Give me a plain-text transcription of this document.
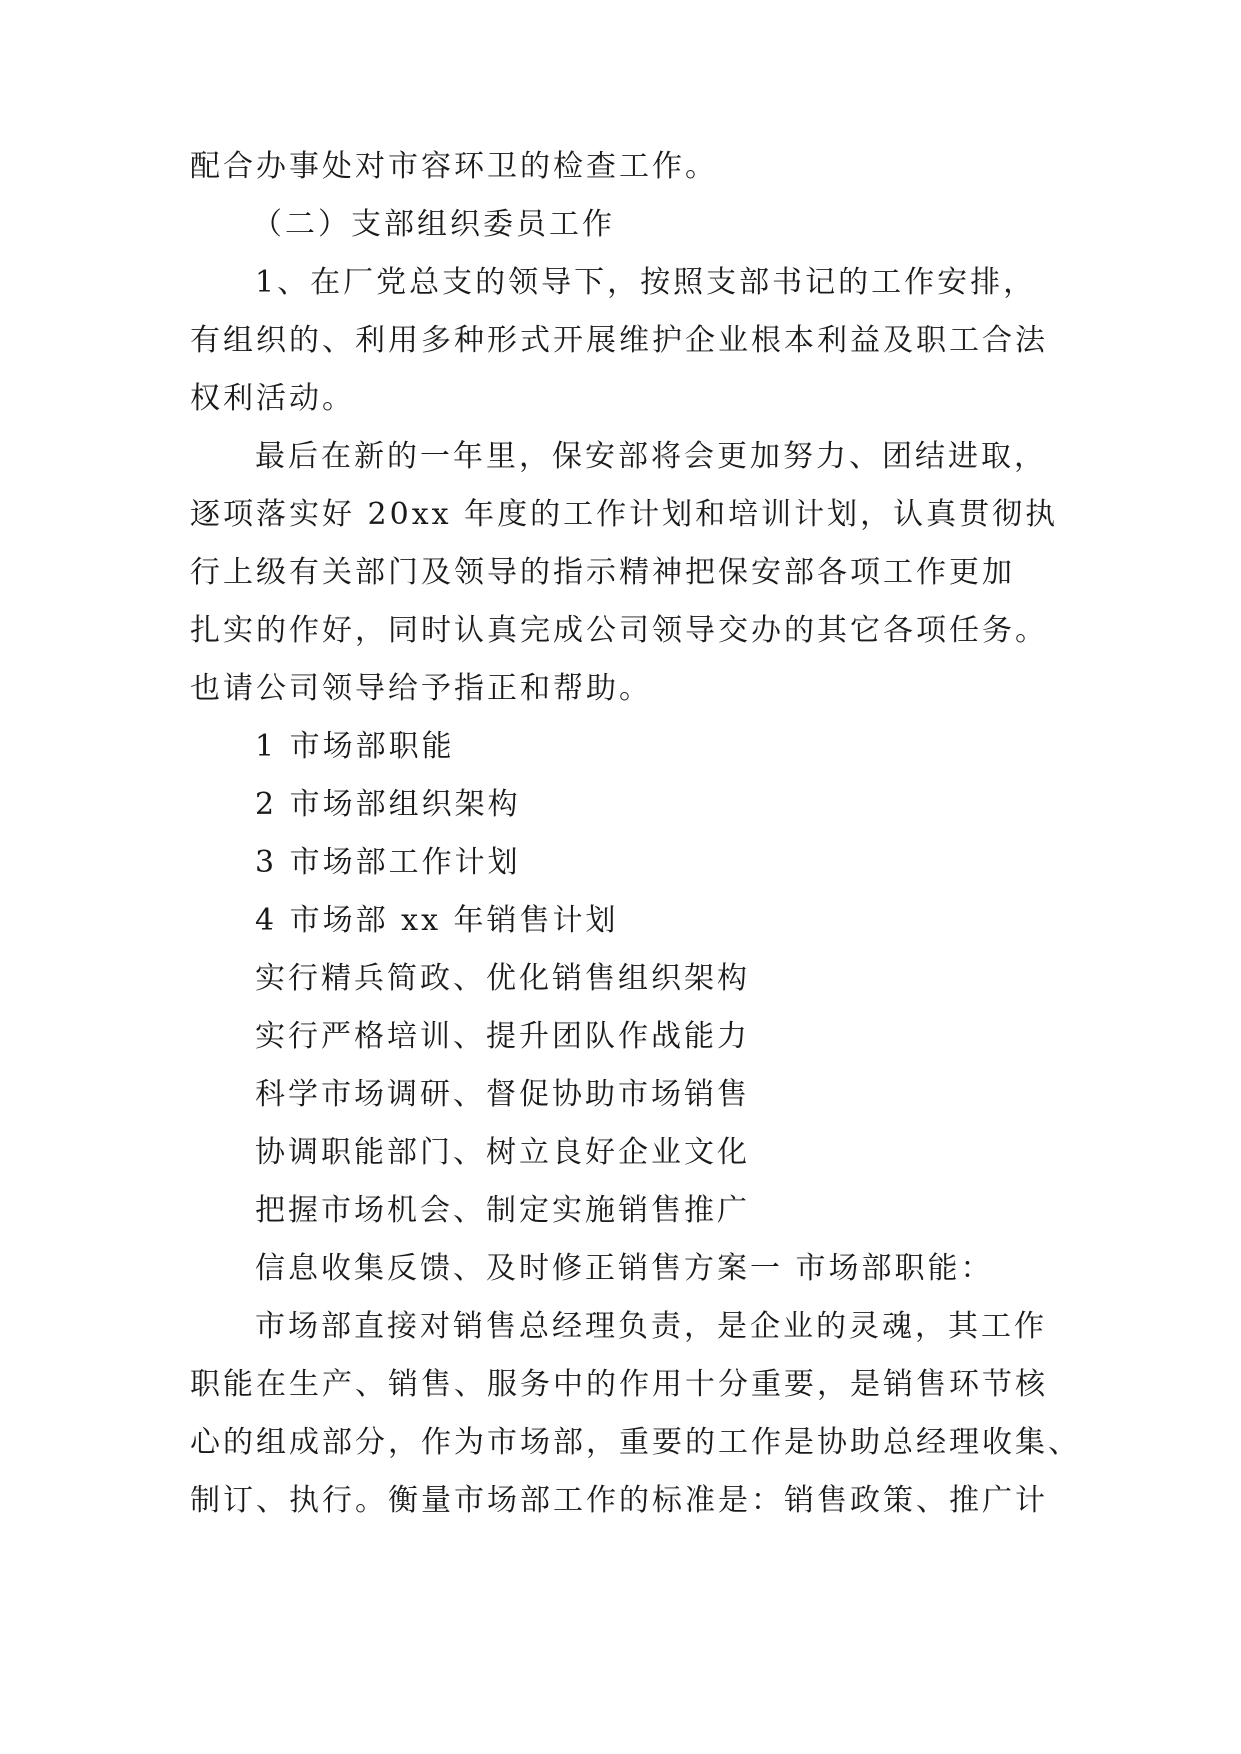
配合办事处对市容环卫的检查工作。
（二）支部组织委员工作
1、在厂党总支的领导下，按照支部书记的工作安排，
有组织的、利用多种形式开展维护企业根本利益及职工合法
权利活动。
最后在新的一年里，保安部将会更加努力、团结进取，
逐项落实好 20xx 年度的工作计划和培训计划，认真贯彻执
行上级有关部门及领导的指示精神把保安部各项工作更加
扎实的作好，同时认真完成公司领导交办的其它各项任务。
也请公司领导给予指正和帮助。
1 市场部职能
2 市场部组织架构
3 市场部工作计划
4 市场部 xx 年销售计划
实行精兵简政、优化销售组织架构
实行严格培训、提升团队作战能力
科学市场调研、督促协助市场销售
协调职能部门、树立良好企业文化
把握市场机会、制定实施销售推广
信息收集反馈、及时修正销售方案一 市场部职能：
市场部直接对销售总经理负责，是企业的灵魂，其工作
职能在生产、销售、服务中的作用十分重要，是销售环节核
心的组成部分，作为市场部，重要的工作是协助总经理收集、
制订、执行。衡量市场部工作的标准是：销售政策、推广计
